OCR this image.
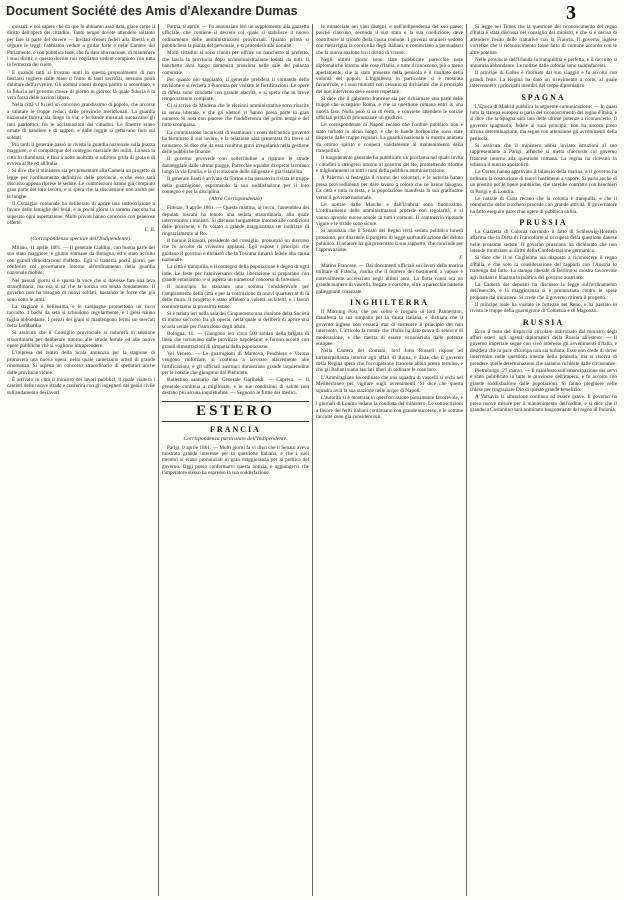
Document Société des Amis d'Alexandre Dumas	3

quistati, e noi sapete che da que lo abbiamo asso data, giace come il diritto dell'opera dei cittadini. Tanto tempo dovete attendere soltanto per fare la parte del dovere — Invitati d'esser fedeli alla libertà e di seguire le leggi, l'abbiamo vedute a gridar forte e nelle Camere del Parlamento, e con pubblica fede, che fu data alla nazione, di mantenere i suoi diritti; e questo dovere noi vogliamo vedere compiuto con tutta la fermezza del cuore.

E quando tutti si trovano uniti in questo proponimento di non lasciarsi togliere dalle mani il frutto di tanti sacrifizi, nessuno potrà dubitare dell'avvenire. Gli uomini onesti di ogni partito si accordano, e la fiducia nel governo cresce di giorno in giorno; la quale fiducia è la vera forza delle nazioni libere.

Nella città vi fu ieri un concorso grandissimo di popolo, che accorse a salutare le truppe reduci dalle provincie meridionali. La guardia nazionale faceva ala lungo la via; e le bande musicali suonavano gli inni patriottici, fra le acclamazioni dei cittadini. Le finestre erano ornate di bandiere e di tappeti, e dalle loggie si gettavano fiori sui soldati.

Più tardi il generale passò in rivista la guardia nazionale sulla piazza maggiore, e si compiacque del contegno marziale dei militi. La sera la città fu illuminata, e fino a notte inoltrata si udirono grida di gioia e di evviva al Re ed all'Italia.

Si dice che il ministero sia per presentare alla Camera un progetto di legge per l'ordinamento definitivo delle provincie, e che esso sarà discusso appena riprese le sedute. Le commissioni hanno già compiuto gran parte del loro lavoro, e si spera che la discussione non andrà per le lunghe.

Il Consiglio comunale ha deliberato di aprire una sottoscrizione a favore delle famiglie dei feriti, e in pochi giorni la somma raccolta ha superato ogni aspettazione. Molti privati hanno concorso con generose offerte.

E. B.
(Corrispondenza speciale dell'Indipendente).

Milano, 11 aprile 1861. — Il generale Cialdini, con buona parte del suo stato maggiore, è giunto stamane da Bologna, ed è stato accolto con grandi dimostrazioni d'affetto. Egli si tratterrà pochi giorni, per conferire col governatore intorno all'ordinamento della guardia nazionale mobile.

Nei passati giorni si è sparsa la voce che si dovesse fare una leva straordinaria; ma ora si sa che la notizia era senza fondamento. Il governo non ha bisogno di nuovi soldati, bastando le forze che già sono sotto le armi.

La stagione è bellissima, e le campagne promettono un ricco raccolto. I bachi da seta si schiudono regolarmente, e i gelsi hanno foglia abbondante. I prezzi dei grani si mantengono fermi sui mercati della Lombardia.

Si assicura che il Consiglio provinciale si radunerà in sessione straordinaria per deliberare intorno alle strade ferrate ed alle nuove opere pubbliche che si vogliono intraprendere.

L'impresa del teatro della Scala annunzia per la stagione di primavera una nuova opera, nella quale canteranno artisti di grande rinomanza. Si aspetta un concorso straordinario di spettatori anche dalle provincie vicine.

È arrivato in città il ministro dei lavori pubblici, il quale visiterà i cantieri delle nuove strade e conferirà con gli ingegneri del genio civile sull'andamento dei lavori.

Parma, 8 aprile. — Fu annunziato ieri un supplemento alla gazzetta ufficiale, che contiene il decreto col quale si stabilisce il nuovo ordinamento delle amministrazioni provinciali. Quanto prima si pubblicherà la pianta del personale, e si procederà alle nomine.

Molti cittadini si sono riuniti per offrire un banchetto al prefetto, che lascia la provincia dopo un'amministrazione lodata da tutti. Il banchetto avrà luogo domenica prossima nelle sale del palazzo comunale.

Per quanto noi sappiamo, il generale prenderà il comando della divisione e si recherà a Piacenza per visitare le fortificazioni. Le opere di difesa sono condotte con grande alacrità, e si spera che in breve tempo saranno compiute.

Ci si scrive da Modena che le elezioni amministrative sono riuscite in senso liberale, e che gli elettori vi hanno preso parte in gran numero. Si nota con piacere che l'indifferenza dei primi tempi è del tutto scomparsa.

La commissione incaricata di esaminare i conti dell'antico governo ha terminato il suo lavoro, e la relazione sarà presentata fra breve al ministero. Si dice che da essa risultino gravi irregolarità nella gestione delle pubbliche finanze.

Il governo provvede con sollecitudine a riparare le strade danneggiate dalle ultime piogge. Parecchie squadre di operai lavorano lungo la via Emilia, e la circolazione delle diligenze è già ristabilita.

Il generale Fanti è arrivato da Torino e ha passato in rivista le truppe della guarnigione, esprimendo la sua soddisfazione per il loro contegno e per la disciplina.

(Altra Corrispondenza)

Firenze, 9 aprile 1861. — Questa mattina, al tocco, l'assemblea dei deputati toscani ha tenuto una seduta straordinaria, alla quale intervennero i ministri. Si discusse lungamente intorno alle condizioni delle provincie, e fu votato a grande maggioranza un indirizzo di ringraziamento al Re.

Il barone Ricasoli, presidente del consiglio, pronunziò un discorso che fu accolto da vivissimi applausi. Egli espose i principii che guidano il governo e dichiarò che la Toscana rimarrà fedele alla causa nazionale.

La città è tranquilla, e il contegno della popolazione è degno di ogni lode. Le feste per l'anniversario della liberazione si preparano con grande entusiasmo, e si aspetta un numeroso concorso di forestieri.

Il municipio ha stanziato una somma considerevole per l'ampliamento della città e per la costruzione di nuovi quartieri al di là delle mura. Il progetto è stato affidato a valenti architetti, e i lavori cominceranno la prossima estate.

Si è tenuta ieri nella sala dei Cinquecento una riunione della Società di mutuo soccorso fra gli operai, nella quale si deliberò di aprire una scuola serale per l'istruzione degli adulti.

Bologna, 11. — Giungono ieri circa 500 soldati della brigata di linea che tornavano dalle provincie napoletane; e furono accolti con grandi dimostrazioni di simpatia dalla popolazione.

Vel Veneto. — Le guarnigioni di Mantova, Peschiera e Verona vengono rinforzate; si continua a lavorare alacremente alle fortificazioni, e gli ufficiali austriaci dimostrano grande inquietudine per le notizie che giungono dal Piemonte.

Bullettino sanitario del Generale Garibaldi. — Caprera. — Il generale continua a migliorare, e le sue condizioni di salute non destano più alcuna inquietudine. — Seguono le firme dei medici.

ESTERO
FRANCIA
Corrispondenza particolare dell'Indipendente.

Parigi, 9 aprile 1861. — Molti giorni fa vi dissi che il Senato aveva mostrato grande interesse per la questione italiana, e che i suoi membri si erano pronunziati in gran maggioranza per la politica del governo. Oggi posso confermarvi questa notizia, e aggiungervi che l'imperatore stesso ha espresso la sua soddisfazione.

le minacciate nei vani disegni, e nell'indipendenza del suo paese; poichè ciascuno, secondo il suo stato e la sua condizione, deve contribuire al trionfo della causa comune. I governi stranieri vedono con meraviglia la concordia degli Italiani, e cominciano a persuadersi che la nuova nazione ha il diritto di vivere.

Negli ultimi giorni sono state pubblicate parecchie note diplomatiche intorno alle cose d'Italia, e tutte riconoscono, più o meno apertamente, che lo stato presente della penisola è il risultato della volontà dei popoli. L'Inghilterra in particolare si è mostrata favorevole, e i suoi ministri non cessano di dichiarare che il principio del non intervento deve essere rispettato.

Si dice che il gabinetto francese sia per richiamare una parte delle truppe che occupano Roma, e che la questione romana entri in una nuova fase. Nulla però si sa di certo, e conviene attendere le notizie ufficiali prima di pronunziare un giudizio.

Le corrispondenze di Napoli recano che l'ordine pubblico non è stato turbato in alcun luogo, e che le bande borboniche sono state disperse dalle truppe regolari. La guardia nazionale si mostra animata da ottimo spirito e coopera validamente al mantenimento della tranquillità.

Il luogotenente generale ha pubblicato un proclama nel quale invita i cittadini a stringersi intorno al governo del Re, promettendo riforme e miglioramenti in tutti i rami della pubblica amministrazione.

A Palermo si festeggia il ritorno dei volontari, e le autorità hanno preso provvedimenti per dare lavoro a coloro che ne hanno bisogno. La città è tutta in festa, e la popolazione manifesta la sua gratitudine verso il governo nazionale.

Le notizie dalle Marche e dall'Umbria sono buonissime. L'ordinamento delle amministrazioni procede con regolarità, e si vanno aprendo nuove scuole in tutti i comuni. Il commercio riprende vigore e le strade sono sicure.

Si annunzia che il Senato del Regno terrà seduta pubblica lunedì prossimo, per discutere il progetto di legge sull'unificazione del debito pubblico. Il relatore ha già presentato il suo rapporto, che conclude per l'approvazione.

F.

Marina Francese. — Dai documenti ufficiali sui lavori della marina militare di Francia, risulta che il numero dei bastimenti a vapore è notevolmente accresciuto negli ultimi anni. La flotta conta ora un grande numero di vascelli, fregate e corvette, oltre a parecchie batterie galleggianti corazzate.

INGHILTERRA

Il Morning Post, che per solito è l'organo di lord Palmerston, manifesta la sua simpatia per la causa italiana, e dichiara che il governo inglese non cesserà mai di sostenere il principio del non intervento. L'articolo fa notare che l'Italia ha dato prova di senno e di moderazione, e che merita di essere riconosciuta dalle potenze europee.

Nella Camera dei Comuni, lord John Russell rispose ad un'interpellanza intorno agli affari di Roma, e disse che il governo della Regina spera che l'occupazione francese abbia presto termine, e che gli Italiani siano lasciati liberi di ordinare le cose loro.

L'Ammiragliato ha ordinato che una squadra di vascelli si rechi nel Mediterraneo per vigilare sugli avvenimenti. Si dice che questa squadra avrà la sua stazione nelle acque di Napoli.

L'autorità si è mostrata in quest'occasione pienamente favorevole, e i giornali di Londra lodano la condotta del ministero. Le sottoscrizioni a favore dei feriti italiani continuano con grande successo, e le somme raccolte sono già considerevoli.

Si legge nel Times che la questione del riconoscimento del regno d'Italia è stata discussa nel consiglio dei ministri, e che si è deciso di attendere l'esito delle trattative con la Francia. Il governo inglese vorrebbe che il riconoscimento fosse fatto di comune accordo con le altre potenze.

Nelle provincie dell'Irlanda la tranquillità è perfetta, e il raccolto si annunzia abbondante. Le notizie dalle colonie sono soddisfacenti.

Il principe di Galles è ritornato dal suo viaggio e fu accolto con grandi feste. La Regina ha dato un ricevimento a corte, al quale intervennero i principali membri del corpo diplomatico.

SPAGNA

L'Epoca di Madrid pubblica la seguente comunicazione: — In quasi tutta la stampa europea si parla del riconoscimento del regno d'Italia, e si dice che la Spagna sarà una delle ultime potenze a riconoscerlo. Il governo spagnuolo, fedele ai suoi principii, non ha ancora preso alcuna determinazione, ma segue con attenzione gli avvenimenti della penisola.

Si assicura che il ministero abbia inviato istruzioni al suo rappresentante a Parigi, affinché si metta d'accordo col governo francese intorno alla questione romana. La regina ha ricevuto in udienza il nunzio apostolico.

Le Cortes hanno approvato il bilancio della marina, e il governo ha ordinato la costruzione di nuovi bastimenti a vapore. Si parla anche di un prestito per le opere pubbliche, che sarebbe contratto con banchieri di Parigi e di Londra.

Le notizie di Cuba recano che la colonia è tranquilla, e che il commercio dello zucchero procede con grande attività. Il governatore ha fatto eseguire parecchie opere di pubblica utilità.

PRUSSIA

La Gazzetta di Colonia narrando il fatto di Schleswig-Holstein afferma che la Dieta di Francoforte si occuperà della questione danese nelle prossime sedute. Il governo prussiano ha dichiarato che non intende rinunziare ai diritti della Confederazione germanica.

Si dice che il re Guglielmo sia disposto a riconoscere il regno d'Italia, e che solo la considerazione dei rapporti con l'Austria lo trattenga dal farlo. La stampa liberale di Berlino si mostra favorevole agli Italiani e biasima la politica del governo austriaco.

La Camera dei deputati ha discusso la legge sull'ordinamento dell'esercito, e la maggioranza si è pronunziata contro le spese proposte dal ministero. Si crede che il governo ritirerà il progetto.

Il principe reale ha visitato le fortezze del Reno, e ha passato in rivista le truppe della guarnigione di Coblenza e di Magonza.

RUSSIA

Ecco il testo del dispaccio circolare indirizzato dal ministro degli affari esteri agli agenti diplomatici della Russia all'estero: — Il governo imperiale segue con vivo interesse gli avvenimenti d'Italia, e desidera che la pace d'Europa non sia turbata. Esso non crede di dover intervenire nelle questioni interne della penisola, ma si riserva di prendere quelle determinazioni che saranno richieste dalle circostanze.

Pietroburgo, 27 marzo. — Il manifesto sull'emancipazione dei servi è stato pubblicato in tutte le provincie dell'impero, e fu accolto con grande soddisfazione dalle popolazioni. Si fanno preghiere nelle chiese per ringraziare Dio di questo grande benefizio.

A Varsavia la situazione continua ad essere grave. Il governo ha preso nuove misure per il mantenimento dell'ordine, e si dice che il granduca Costantino sarà nominato luogotenente del regno di Polonia.
